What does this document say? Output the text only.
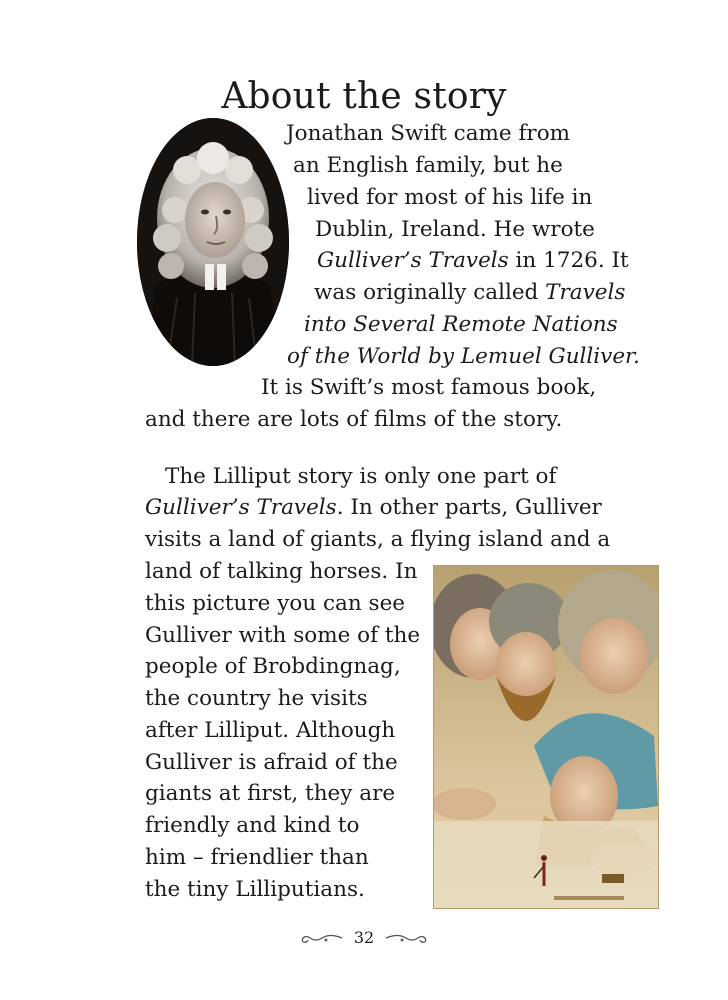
About the story
Jonathan Swift came from
an English family, but he
lived for most of his life in
Dublin, Ireland. He wrote
Gulliver’s Travels in 1726. It
was originally called Travels
into Several Remote Nations
of the World by Lemuel Gulliver.
It is Swift’s most famous book,
and there are lots of films of the story.
The Lilliput story is only one part of
Gulliver’s Travels. In other parts, Gulliver
visits a land of giants, a flying island and a
land of talking horses. In
this picture you can see
Gulliver with some of the
people of Brobdingnag,
the country he visits
after Lilliput. Although
Gulliver is afraid of the
giants at first, they are
friendly and kind to
him – friendlier than
the tiny Lilliputians.
32
